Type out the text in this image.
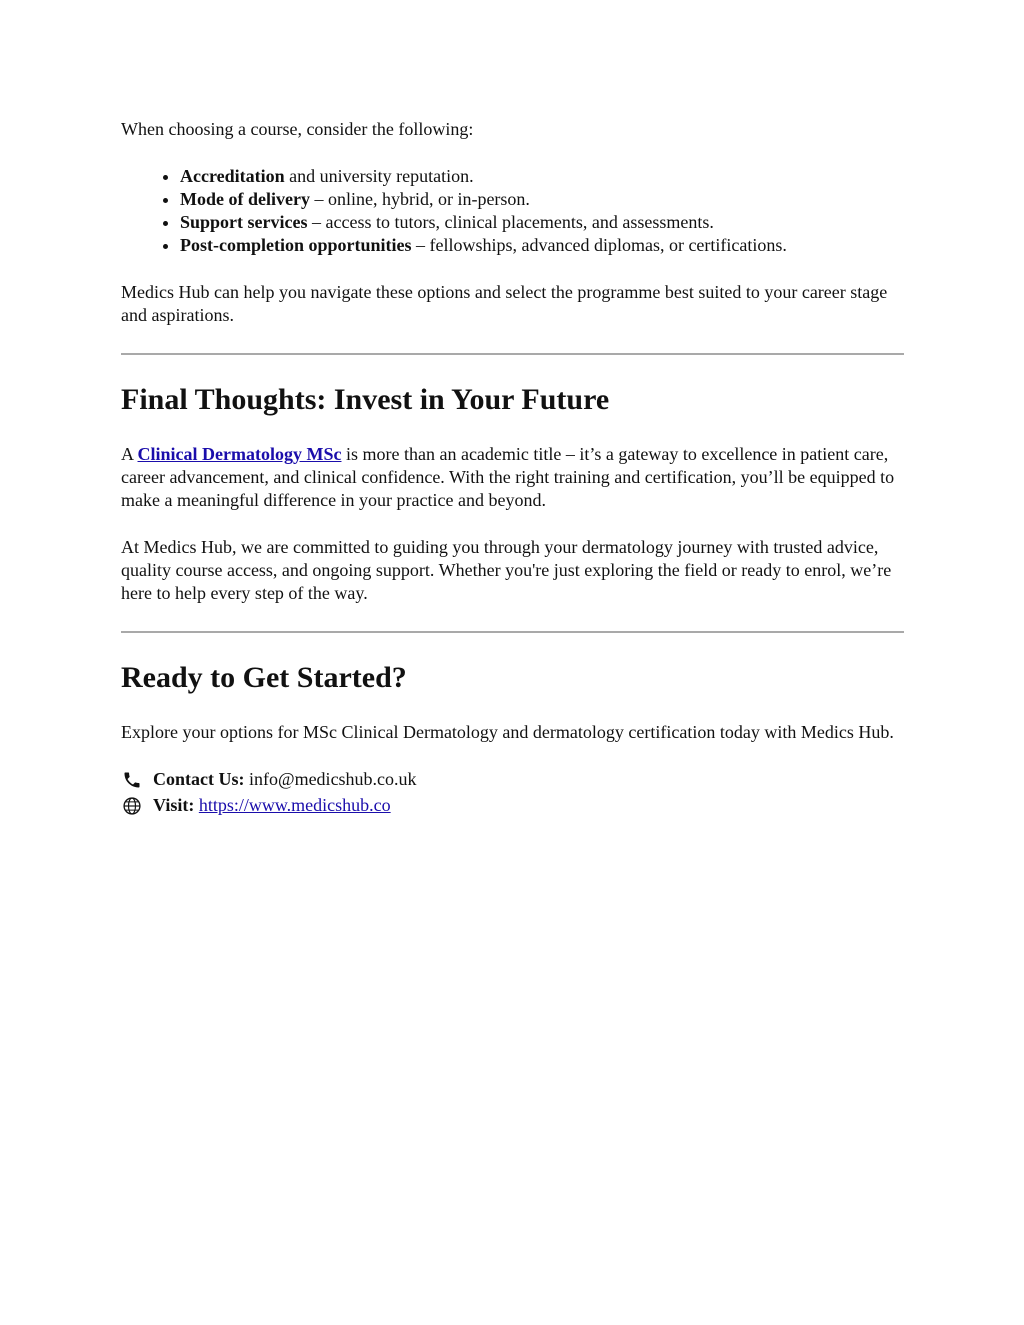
When choosing a course, consider the following:

• Accreditation and university reputation.
• Mode of delivery – online, hybrid, or in-person.
• Support services – access to tutors, clinical placements, and assessments.
• Post-completion opportunities – fellowships, advanced diplomas, or certifications.

Medics Hub can help you navigate these options and select the programme best suited to your career stage and aspirations.

Final Thoughts: Invest in Your Future

A Clinical Dermatology MSc is more than an academic title – it’s a gateway to excellence in patient care, career advancement, and clinical confidence. With the right training and certification, you’ll be equipped to make a meaningful difference in your practice and beyond.

At Medics Hub, we are committed to guiding you through your dermatology journey with trusted advice, quality course access, and ongoing support. Whether you're just exploring the field or ready to enrol, we’re here to help every step of the way.

Ready to Get Started?

Explore your options for MSc Clinical Dermatology and dermatology certification today with Medics Hub.

Contact Us: info@medicshub.co.uk
Visit:
https://www.medicshub.co
